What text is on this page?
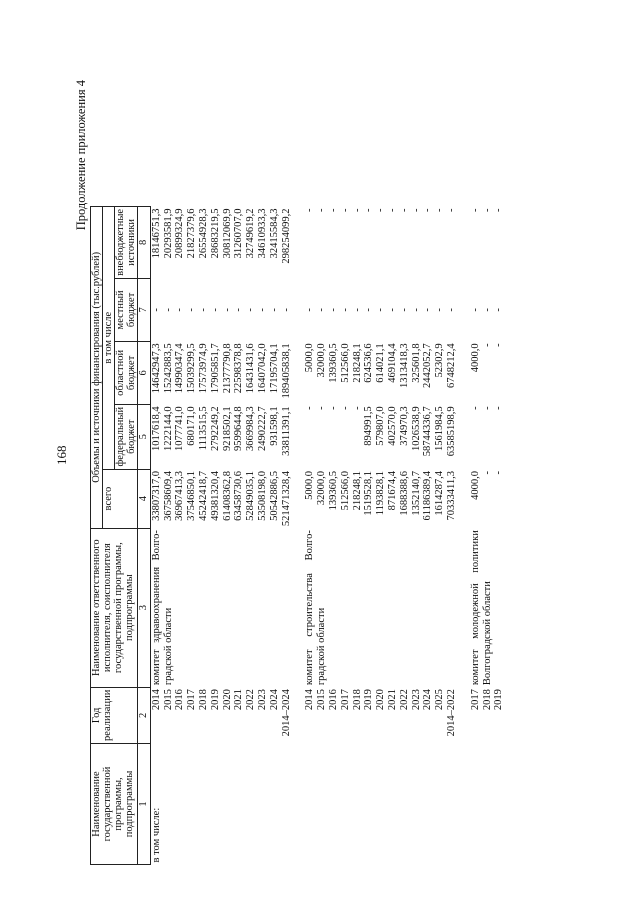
168
Продолжение приложения 4
Наименование государственной программы, подпрограммы	Год реализации	Наименование ответственного исполнителя, соисполнителя государственной программы, подпрограммы	Объемы и источники финансирования (тыс.рублей)				
			всего	в том числе			
				федеральный бюджет	областной бюджет	местный бюджет	внебюджетные источники
1	2	3	4	5	6	7	8
в том числе:	2014	комитет здравоохранения Волго-	33807317,0	1017618,4	14642947,3	-	18146751,3
	2015	градской области	36758609,4	1222144,0	15242883,5	-	20293581,9
	2016		36967413,3	1077741,0	14990347,4	-	20899324,9
	2017		37546850,1	680171,0	15039299,5	-	21827379,6
	2018		45242418,7	1113515,5	17573974,9	-	26554928,3
	2019		49381320,4	2792249,2	17905851,7	-	28683219,5
	2020		61408362,8	9218502,1	21377790,8	-	30812069,9
	2021		63458730,6	9599644,8	22598378,8	-	31260707,0
	2022		52849035,1	3669984,3	16431431,6	-	32749619,2
	2023		53508198,0	2490222,7	16407042,0	-	34610933,3
	2024		50542886,5	931598,1	17195704,1	-	32415584,3
	2014–2024		521471328,4	33811391,1	189405838,1	-	298254099,2

	2014	комитет строительства Волго-	5000,0	-	5000,0	-	-
	2015	градской области	32000,0	-	32000,0	-	-
	2016		139360,5	-	139360,5	-	-
	2017		512566,0	-	512566,0	-	-
	2018		218248,1	-	218248,1	-	-
	2019		1519528,1	894991,5	624536,6	-	-
	2020		1193828,1	579807,0	614021,1	-	-
	2021		871674,4	402570,0	469104,4	-	-
	2022		1688388,6	374970,3	1313418,3	-	-
	2023		1352140,7	1026538,9	325601,8	-	-
	2024		61186389,4	58744336,7	2442052,7	-	-
	2025		1614287,4	1561984,5	52302,9	-	-
	2014–2022		70333411,3	63585198,9	6748212,4	-	-

	2017	комитет молодежной политики	4000,0	-	4000,0	-	-
	2018	Волгоградской области	-	-	-	-	-
	2019		-	-	-	-	-
